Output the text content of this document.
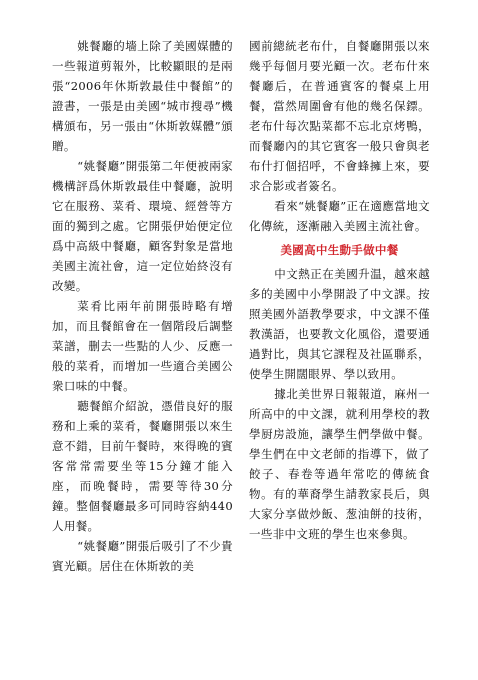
姚餐廳的墻上除了美國媒體的一些報道剪報外，比較顯眼的是兩張“2006年休斯敦最佳中餐館”的證書，一張是由美國“城市搜尋”機構頒布，另一張由“休斯敦媒體”頒贈。

“姚餐廳”開張第二年便被兩家機構評爲休斯敦最佳中餐廳，說明它在服務、菜肴、環境、經營等方面的獨到之處。它開張伊始便定位爲中高級中餐廳，顧客對象是當地美國主流社會，這一定位始終沒有改變。

菜肴比兩年前開張時略有增加，而且餐館會在一個階段后調整菜譜，删去一些點的人少、反應一般的菜肴，而增加一些適合美國公衆口味的中餐。

聽餐館介紹說，憑借良好的服務和上乘的菜肴，餐廳開張以來生意不錯，目前午餐時，來得晚的賓客常常需要坐等15分鐘才能入座，而晚餐時，需要等待30分鐘。整個餐廳最多可同時容納440人用餐。

“姚餐廳”開張后吸引了不少貴賓光顧。居住在休斯敦的美

國前總統老布什，自餐廳開張以來幾乎每個月要光顧一次。老布什來餐廳后，在普通賓客的餐桌上用餐，當然周圍會有他的幾名保鏢。老布什每次點菜都不忘北京烤鴨，而餐廳內的其它賓客一般只會與老布什打個招呼，不會蜂擁上來，要求合影或者簽名。

看來“姚餐廳”正在適應當地文化傳統，逐漸融入美國主流社會。

美國高中生動手做中餐

中文熱正在美國升温，越來越多的美國中小學開設了中文課。按照美國外語教學要求，中文課不僅教漢語，也要教文化風俗，還要通過對比，與其它課程及社區聯系，使學生開闊眼界、學以致用。

據北美世界日報報道，麻州一所高中的中文課，就利用學校的教學厨房設施，讓學生們學做中餐。學生們在中文老師的指導下，做了餃子、春卷等過年常吃的傳統食物。有的華裔學生請教家長后，與大家分享做炒飯、葱油餅的技術，一些非中文班的學生也來參與。
